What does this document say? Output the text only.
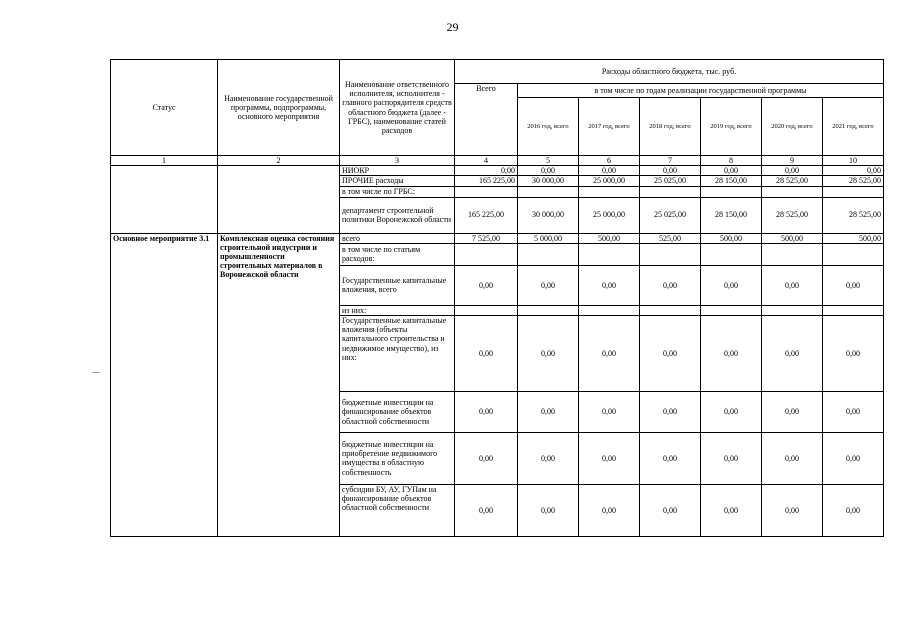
29
Статус	Наименование государственной программы, подпрограммы, основного мероприятия	Наименование ответственного исполнителя, исполнителя - главного распорядителя средств областного бюджета (далее - ГРБС), наименование статей расходов	Расходы областного бюджета, тыс. руб.						
			Всего	в том числе по годам реализации государственной программы					
				2016 год, всего	2017 год, всего	2018 год, всего	2019 год, всего	2020 год, всего	2021 год, всего
1	2	3	4	5	6	7	8	9	10
		НИОКР	0,00	0,00	0,00	0,00	0,00	0,00	0,00
		ПРОЧИЕ расходы	165 225,00	30 000,00	25 000,00	25 025,00	28 150,00	28 525,00	28 525,00
		в том числе по ГРБС:							
		департамент строительной политики Воронежской области	165 225,00	30 000,00	25 000,00	25 025,00	28 150,00	28 525,00	28 525,00
Основное мероприятие 3.1	Комплексная оценка состояния строительной индустрии и промышленности строительных материалов в Воронежской области	всего	7 525,00	5 000,00	500,00	525,00	500,00	500,00	500,00
		в том числе по статьям расходов:							
		Государственные капитальные вложения, всего	0,00	0,00	0,00	0,00	0,00	0,00	0,00
		из них:							
		Государственные капитальные вложения (объекты капитального строительства и недвижимое имущество), из них:	0,00	0,00	0,00	0,00	0,00	0,00	0,00
		бюджетные инвестиции на финансирование объектов областной собственности	0,00	0,00	0,00	0,00	0,00	0,00	0,00
		бюджетные инвестиции на приобретение недвижимого имущества в областную собственность	0,00	0,00	0,00	0,00	0,00	0,00	0,00
		субсидии БУ, АУ, ГУПам на финансирование объектов областной собственности	0,00	0,00	0,00	0,00	0,00	0,00	0,00
